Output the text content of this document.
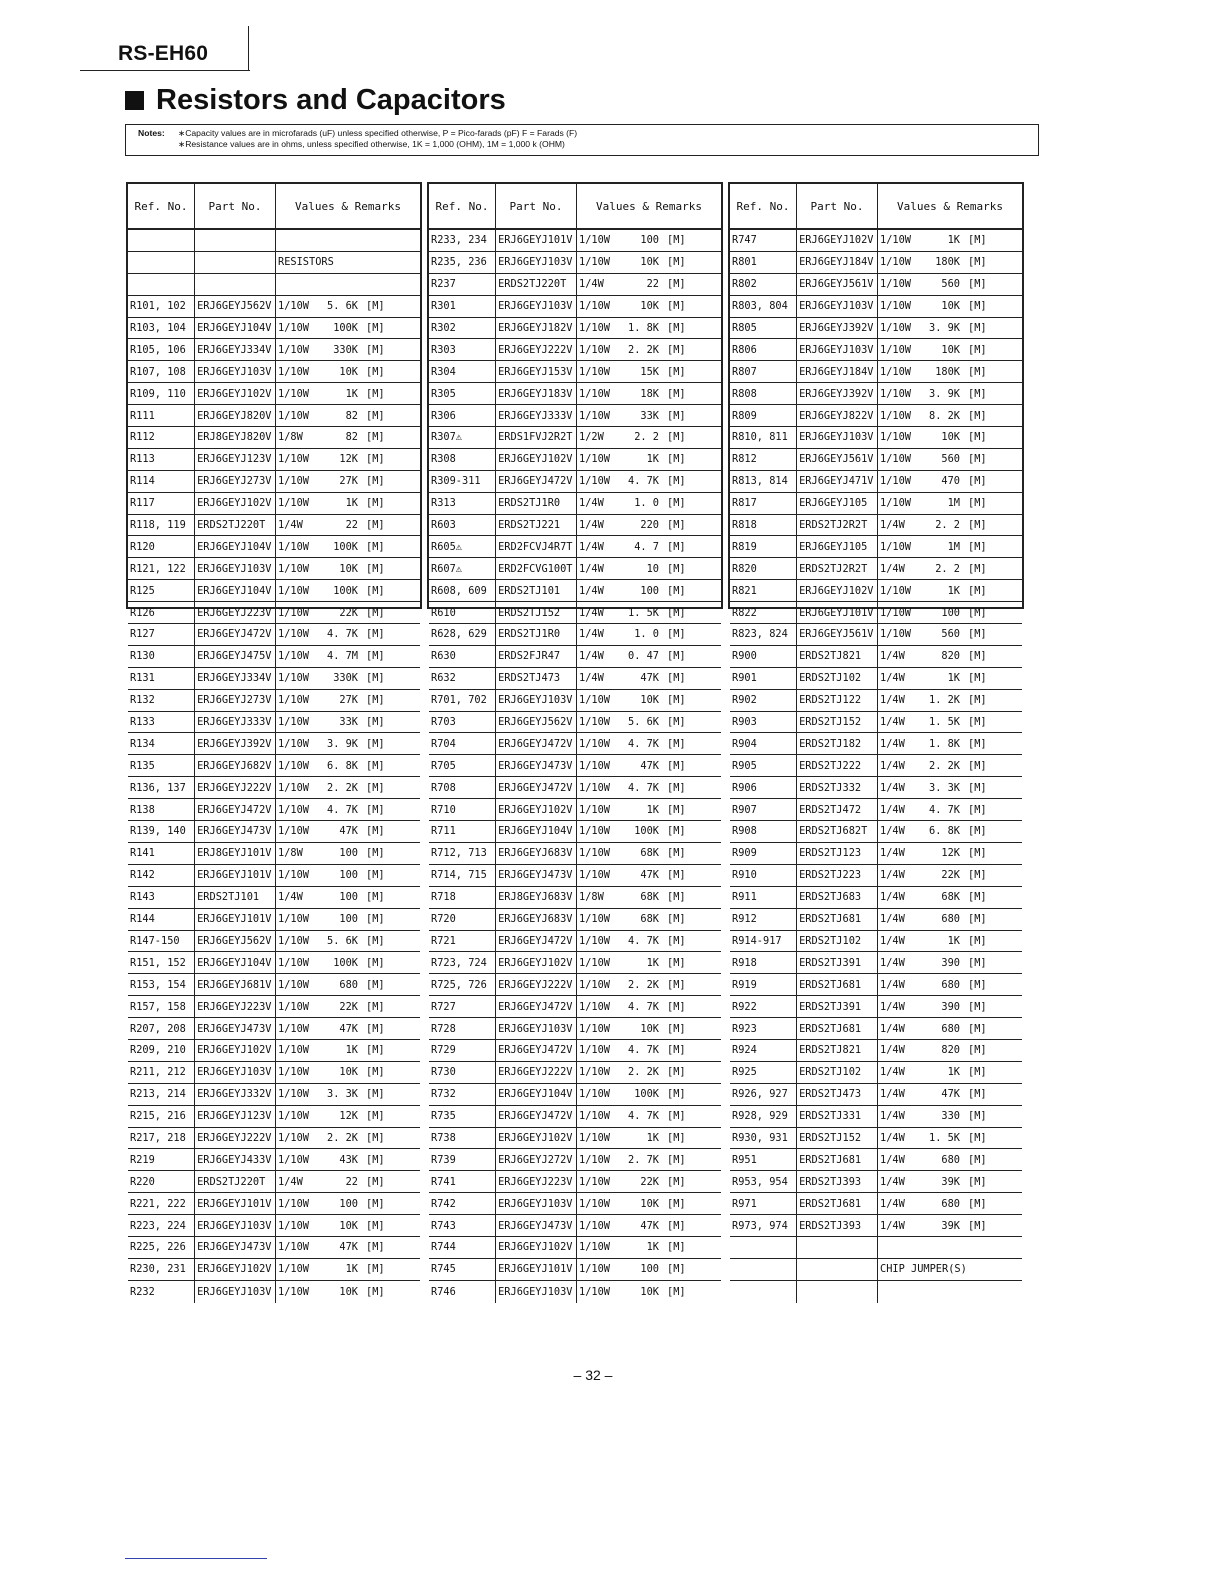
RS-EH60
Resistors and Capacitors
Notes: ∗Capacity values are in microfarads (uF) unless specified otherwise, P = Pico-farads (pF) F = Farads (F)
∗Resistance values are in ohms, unless specified otherwise, 1K = 1,000 (OHM), 1M = 1,000 k (OHM)
Ref. No.	Part No.	Values & Remarks
RESISTORS
R101, 102	ERJ6GEYJ562V 1/10W	5. 6K [M]
R103, 104	ERJ6GEYJ104V 1/10W	100K [M]
R105, 106	ERJ6GEYJ334V 1/10W	330K [M]
R107, 108	ERJ6GEYJ103V 1/10W	10K [M]
R109, 110	ERJ6GEYJ102V 1/10W	1K [M]
R111	ERJ6GEYJ820V 1/10W	82 [M]
R112	ERJ8GEYJ820V 1/8W	82 [M]
R113	ERJ6GEYJ123V 1/10W	12K [M]
R114	ERJ6GEYJ273V 1/10W	27K [M]
R117	ERJ6GEYJ102V 1/10W	1K [M]
R118, 119	ERDS2TJ220T	1/4W	22 [M]
R120	ERJ6GEYJ104V 1/10W	100K [M]
R121, 122	ERJ6GEYJ103V 1/10W	10K [M]
R125	ERJ6GEYJ104V 1/10W	100K [M]
R126	ERJ6GEYJ223V 1/10W	22K [M]
R127	ERJ6GEYJ472V 1/10W	4. 7K [M]
R130	ERJ6GEYJ475V 1/10W	4. 7M [M]
R131	ERJ6GEYJ334V 1/10W	330K [M]
R132	ERJ6GEYJ273V 1/10W	27K [M]
R133	ERJ6GEYJ333V 1/10W	33K [M]
R134	ERJ6GEYJ392V 1/10W	3. 9K [M]
R135	ERJ6GEYJ682V 1/10W	6. 8K [M]
R136, 137	ERJ6GEYJ222V 1/10W	2. 2K [M]
R138	ERJ6GEYJ472V 1/10W	4. 7K [M]
R139, 140	ERJ6GEYJ473V 1/10W	47K [M]
R141	ERJ8GEYJ101V 1/8W	100 [M]
R142	ERJ6GEYJ101V 1/10W	100 [M]
R143	ERDS2TJ101	1/4W	100 [M]
R144	ERJ6GEYJ101V 1/10W	100 [M]
R147-150	ERJ6GEYJ562V 1/10W	5. 6K [M]
R151, 152	ERJ6GEYJ104V 1/10W	100K [M]
R153, 154	ERJ6GEYJ681V 1/10W	680 [M]
R157, 158	ERJ6GEYJ223V 1/10W	22K [M]
R207, 208	ERJ6GEYJ473V 1/10W	47K [M]
R209, 210	ERJ6GEYJ102V 1/10W	1K [M]
R211, 212	ERJ6GEYJ103V 1/10W	10K [M]
R213, 214	ERJ6GEYJ332V 1/10W	3. 3K [M]
R215, 216	ERJ6GEYJ123V 1/10W	12K [M]
R217, 218	ERJ6GEYJ222V 1/10W	2. 2K [M]
R219	ERJ6GEYJ433V 1/10W	43K [M]
R220	ERDS2TJ220T	1/4W	22 [M]
R221, 222	ERJ6GEYJ101V 1/10W	100 [M]
R223, 224	ERJ6GEYJ103V 1/10W	10K [M]
R225, 226	ERJ6GEYJ473V 1/10W	47K [M]
R230, 231	ERJ6GEYJ102V 1/10W	1K [M]
R232	ERJ6GEYJ103V 1/10W	10K [M]
Ref. No.	Part No.	Values & Remarks
R233, 234	ERJ6GEYJ101V 1/10W	100 [M]
R235, 236	ERJ6GEYJ103V 1/10W	10K [M]
R237	ERDS2TJ220T	1/4W	22 [M]
R301	ERJ6GEYJ103V 1/10W	10K [M]
R302	ERJ6GEYJ182V 1/10W	1. 8K [M]
R303	ERJ6GEYJ222V 1/10W	2. 2K [M]
R304	ERJ6GEYJ153V 1/10W	15K [M]
R305	ERJ6GEYJ183V 1/10W	18K [M]
R306	ERJ6GEYJ333V 1/10W	33K [M]
R307⚠	ERDS1FVJ2R2T 1/2W	2. 2 [M]
R308	ERJ6GEYJ102V 1/10W	1K [M]
R309-311	ERJ6GEYJ472V 1/10W	4. 7K [M]
R313	ERDS2TJ1R0	1/4W	1. 0 [M]
R603	ERDS2TJ221	1/4W	220 [M]
R605⚠	ERD2FCVJ4R7T 1/4W	4. 7 [M]
R607⚠	ERD2FCVG100T 1/4W	10 [M]
R608, 609	ERDS2TJ101	1/4W	100 [M]
R610	ERDS2TJ152	1/4W	1. 5K [M]
R628, 629	ERDS2TJ1R0	1/4W	1. 0 [M]
R630	ERDS2FJR47	1/4W	0. 47 [M]
R632	ERDS2TJ473	1/4W	47K [M]
R701, 702	ERJ6GEYJ103V 1/10W	10K [M]
R703	ERJ6GEYJ562V 1/10W	5. 6K [M]
R704	ERJ6GEYJ472V 1/10W	4. 7K [M]
R705	ERJ6GEYJ473V 1/10W	47K [M]
R708	ERJ6GEYJ472V 1/10W	4. 7K [M]
R710	ERJ6GEYJ102V 1/10W	1K [M]
R711	ERJ6GEYJ104V 1/10W	100K [M]
R712, 713	ERJ6GEYJ683V 1/10W	68K [M]
R714, 715	ERJ6GEYJ473V 1/10W	47K [M]
R718	ERJ8GEYJ683V 1/8W	68K [M]
R720	ERJ6GEYJ683V 1/10W	68K [M]
R721	ERJ6GEYJ472V 1/10W	4. 7K [M]
R723, 724	ERJ6GEYJ102V 1/10W	1K [M]
R725, 726	ERJ6GEYJ222V 1/10W	2. 2K [M]
R727	ERJ6GEYJ472V 1/10W	4. 7K [M]
R728	ERJ6GEYJ103V 1/10W	10K [M]
R729	ERJ6GEYJ472V 1/10W	4. 7K [M]
R730	ERJ6GEYJ222V 1/10W	2. 2K [M]
R732	ERJ6GEYJ104V 1/10W	100K [M]
R735	ERJ6GEYJ472V 1/10W	4. 7K [M]
R738	ERJ6GEYJ102V 1/10W	1K [M]
R739	ERJ6GEYJ272V 1/10W	2. 7K [M]
R741	ERJ6GEYJ223V 1/10W	22K [M]
R742	ERJ6GEYJ103V 1/10W	10K [M]
R743	ERJ6GEYJ473V 1/10W	47K [M]
R744	ERJ6GEYJ102V 1/10W	1K [M]
R745	ERJ6GEYJ101V 1/10W	100 [M]
R746	ERJ6GEYJ103V 1/10W	10K [M]
Ref. No.	Part No.	Values & Remarks
R747	ERJ6GEYJ102V 1/10W	1K [M]
R801	ERJ6GEYJ184V 1/10W	180K [M]
R802	ERJ6GEYJ561V 1/10W	560 [M]
R803, 804	ERJ6GEYJ103V 1/10W	10K [M]
R805	ERJ6GEYJ392V 1/10W	3. 9K [M]
R806	ERJ6GEYJ103V 1/10W	10K [M]
R807	ERJ6GEYJ184V 1/10W	180K [M]
R808	ERJ6GEYJ392V 1/10W	3. 9K [M]
R809	ERJ6GEYJ822V 1/10W	8. 2K [M]
R810, 811	ERJ6GEYJ103V 1/10W	10K [M]
R812	ERJ6GEYJ561V 1/10W	560 [M]
R813, 814	ERJ6GEYJ471V 1/10W	470 [M]
R817	ERJ6GEYJ105	1/10W	1M [M]
R818	ERDS2TJ2R2T	1/4W	2. 2 [M]
R819	ERJ6GEYJ105	1/10W	1M [M]
R820	ERDS2TJ2R2T	1/4W	2. 2 [M]
R821	ERJ6GEYJ102V 1/10W	1K [M]
R822	ERJ6GEYJ101V 1/10W	100 [M]
R823, 824	ERJ6GEYJ561V 1/10W	560 [M]
R900	ERDS2TJ821	1/4W	820 [M]
R901	ERDS2TJ102	1/4W	1K [M]
R902	ERDS2TJ122	1/4W	1. 2K [M]
R903	ERDS2TJ152	1/4W	1. 5K [M]
R904	ERDS2TJ182	1/4W	1. 8K [M]
R905	ERDS2TJ222	1/4W	2. 2K [M]
R906	ERDS2TJ332	1/4W	3. 3K [M]
R907	ERDS2TJ472	1/4W	4. 7K [M]
R908	ERDS2TJ682T	1/4W	6. 8K [M]
R909	ERDS2TJ123	1/4W	12K [M]
R910	ERDS2TJ223	1/4W	22K [M]
R911	ERDS2TJ683	1/4W	68K [M]
R912	ERDS2TJ681	1/4W	680 [M]
R914-917	ERDS2TJ102	1/4W	1K [M]
R918	ERDS2TJ391	1/4W	390 [M]
R919	ERDS2TJ681	1/4W	680 [M]
R922	ERDS2TJ391	1/4W	390 [M]
R923	ERDS2TJ681	1/4W	680 [M]
R924	ERDS2TJ821	1/4W	820 [M]
R925	ERDS2TJ102	1/4W	1K [M]
R926, 927	ERDS2TJ473	1/4W	47K [M]
R928, 929	ERDS2TJ331	1/4W	330 [M]
R930, 931	ERDS2TJ152	1/4W	1. 5K [M]
R951	ERDS2TJ681	1/4W	680 [M]
R953, 954	ERDS2TJ393	1/4W	39K [M]
R971	ERDS2TJ681	1/4W	680 [M]
R973, 974	ERDS2TJ393	1/4W	39K [M]
CHIP JUMPER(S)
– 32 –
